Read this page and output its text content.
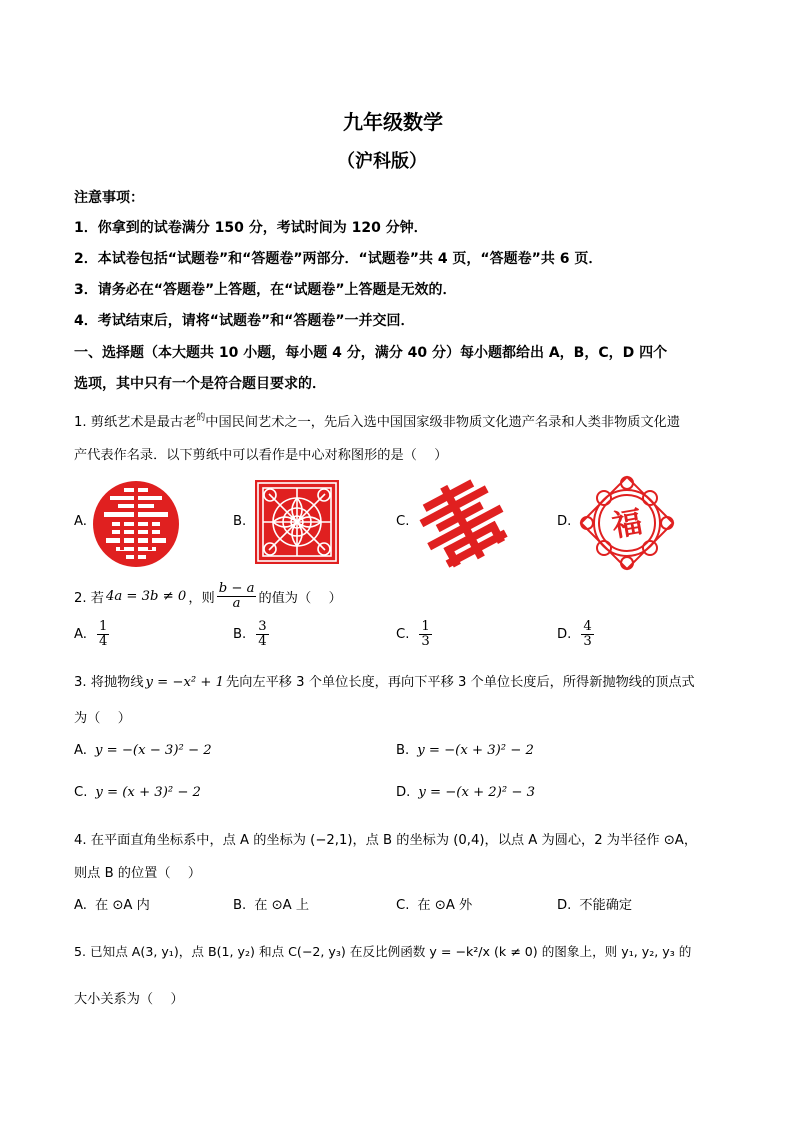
九年级数学
（沪科版）
注意事项：
1．你拿到的试卷满分 150 分，考试时间为 120 分钟．
2．本试卷包括“试题卷”和“答题卷”两部分．“试题卷”共 4 页，“答题卷”共 6 页．
3．请务必在“答题卷”上答题，在“试题卷”上答题是无效的．
4．考试结束后，请将“试题卷”和“答题卷”一并交回．
一、选择题（本大题共 10 小题，每小题 4 分，满分 40 分）每小题都给出 A，B，C，D 四个
选项，其中只有一个是符合题目要求的．
1. 剪纸艺术是最古老$^的$中国民间艺术之一，先后入选中国国家级非物质文化遗产名录和人类非物质文化遗
产代表作名录．以下剪纸中可以看作是中心对称图形的是（　 ）
A.	B.	C.	D. 福
2. 若 4a = 3b ≠ 0 ，则 $\frac{b - a}{a}$ 的值为（　 ）
A. $\frac{1}{4}$	B. $\frac{3}{4}$	C. $\frac{1}{3}$	D. $\frac{4}{3}$
3. 将抛物线 y = −x² + 1 先向左平移 3 个单位长度，再向下平移 3 个单位长度后，所得新抛物线的顶点式
为（　 ）
A. y = −(x − 3)² − 2	B. y = −(x + 3)² − 2
C. y = (x + 3)² − 2	D. y = −(x + 2)² − 3
4. 在平面直角坐标系中，点 A 的坐标为 (−2,1)，点 B 的坐标为 (0,4)，以点 A 为圆心，2 为半径作 ⊙A，
则点 B 的位置（　 ）
A. 在 ⊙A 内	B. 在 ⊙A 上	C. 在 ⊙A 外	D. 不能确定
5. 已知点 A(3, y₁)，点 B(1, y₂) 和点 C(−2, y₃) 在反比例函数 y = −k²/x (k ≠ 0) 的图象上，则 y₁, y₂, y₃ 的
大小关系为（　 ）
